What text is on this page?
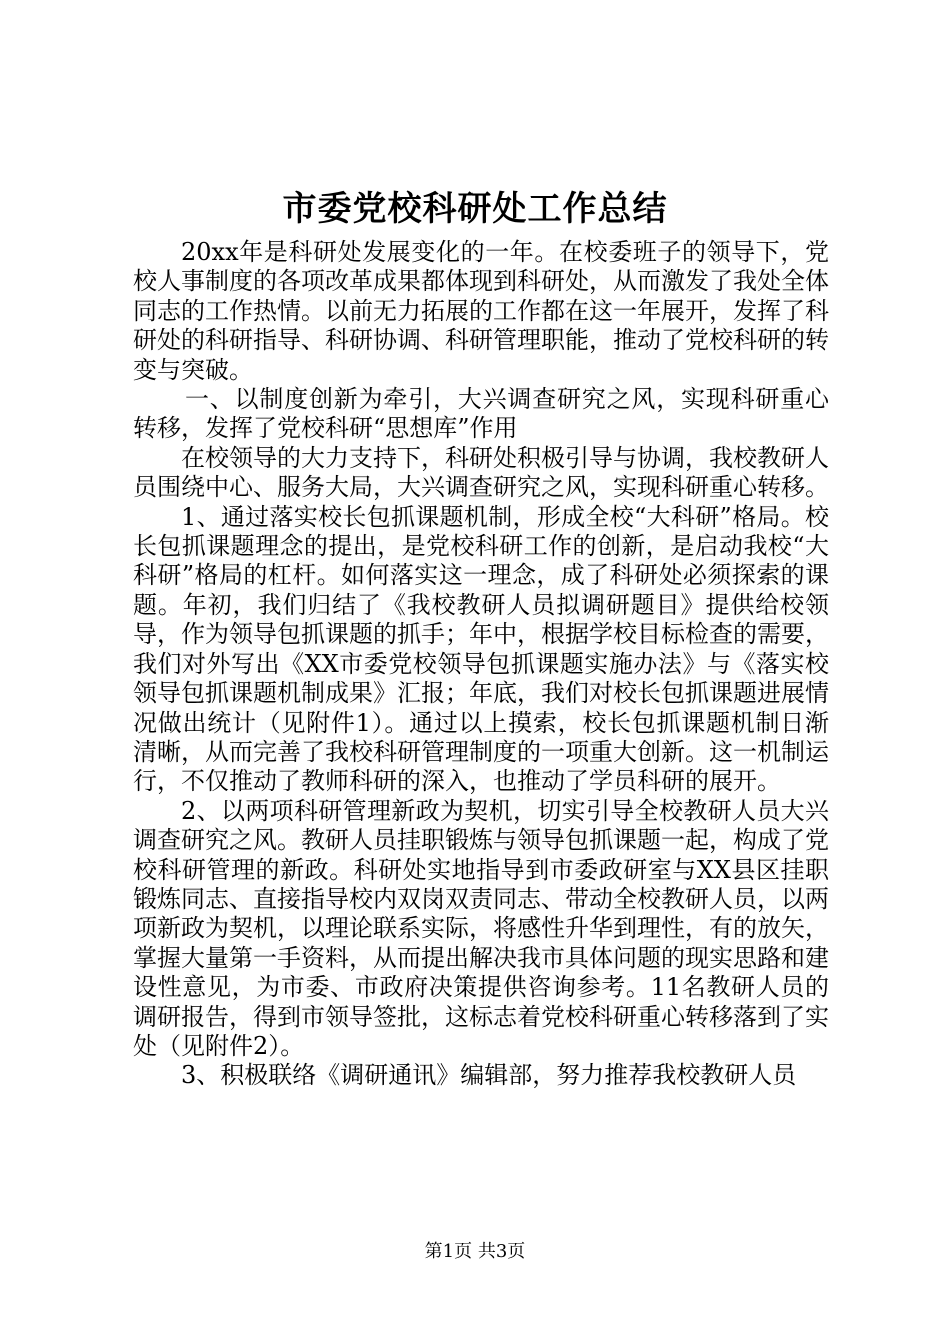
市委党校科研处工作总结

20xx年是科研处发展变化的一年。在校委班子的领导下，党校人事制度的各项改革成果都体现到科研处，从而激发了我处全体同志的工作热情。以前无力拓展的工作都在这一年展开，发挥了科研处的科研指导、科研协调、科研管理职能，推动了党校科研的转变与突破。

一、以制度创新为牵引，大兴调查研究之风，实现科研重心转移，发挥了党校科研“思想库”作用

在校领导的大力支持下，科研处积极引导与协调，我校教研人员围绕中心、服务大局，大兴调查研究之风，实现科研重心转移。

1、通过落实校长包抓课题机制，形成全校“大科研”格局。校长包抓课题理念的提出，是党校科研工作的创新，是启动我校“大科研”格局的杠杆。如何落实这一理念，成了科研处必须探索的课题。年初，我们归结了《我校教研人员拟调研题目》提供给校领导，作为领导包抓课题的抓手；年中，根据学校目标检查的需要，我们对外写出《XX市委党校领导包抓课题实施办法》与《落实校领导包抓课题机制成果》汇报；年底，我们对校长包抓课题进展情况做出统计（见附件1）。通过以上摸索，校长包抓课题机制日渐清晰，从而完善了我校科研管理制度的一项重大创新。这一机制运行，不仅推动了教师科研的深入，也推动了学员科研的展开。

2、以两项科研管理新政为契机，切实引导全校教研人员大兴调查研究之风。教研人员挂职锻炼与领导包抓课题一起，构成了党校科研管理的新政。科研处实地指导到市委政研室与XX县区挂职锻炼同志、直接指导校内双岗双责同志、带动全校教研人员，以两项新政为契机，以理论联系实际，将感性升华到理性，有的放矢，掌握大量第一手资料，从而提出解决我市具体问题的现实思路和建设性意见，为市委、市政府决策提供咨询参考。11名教研人员的调研报告，得到市领导签批，这标志着党校科研重心转移落到了实处（见附件2）。

3、积极联络《调研通讯》编辑部，努力推荐我校教研人员

第1页 共3页
